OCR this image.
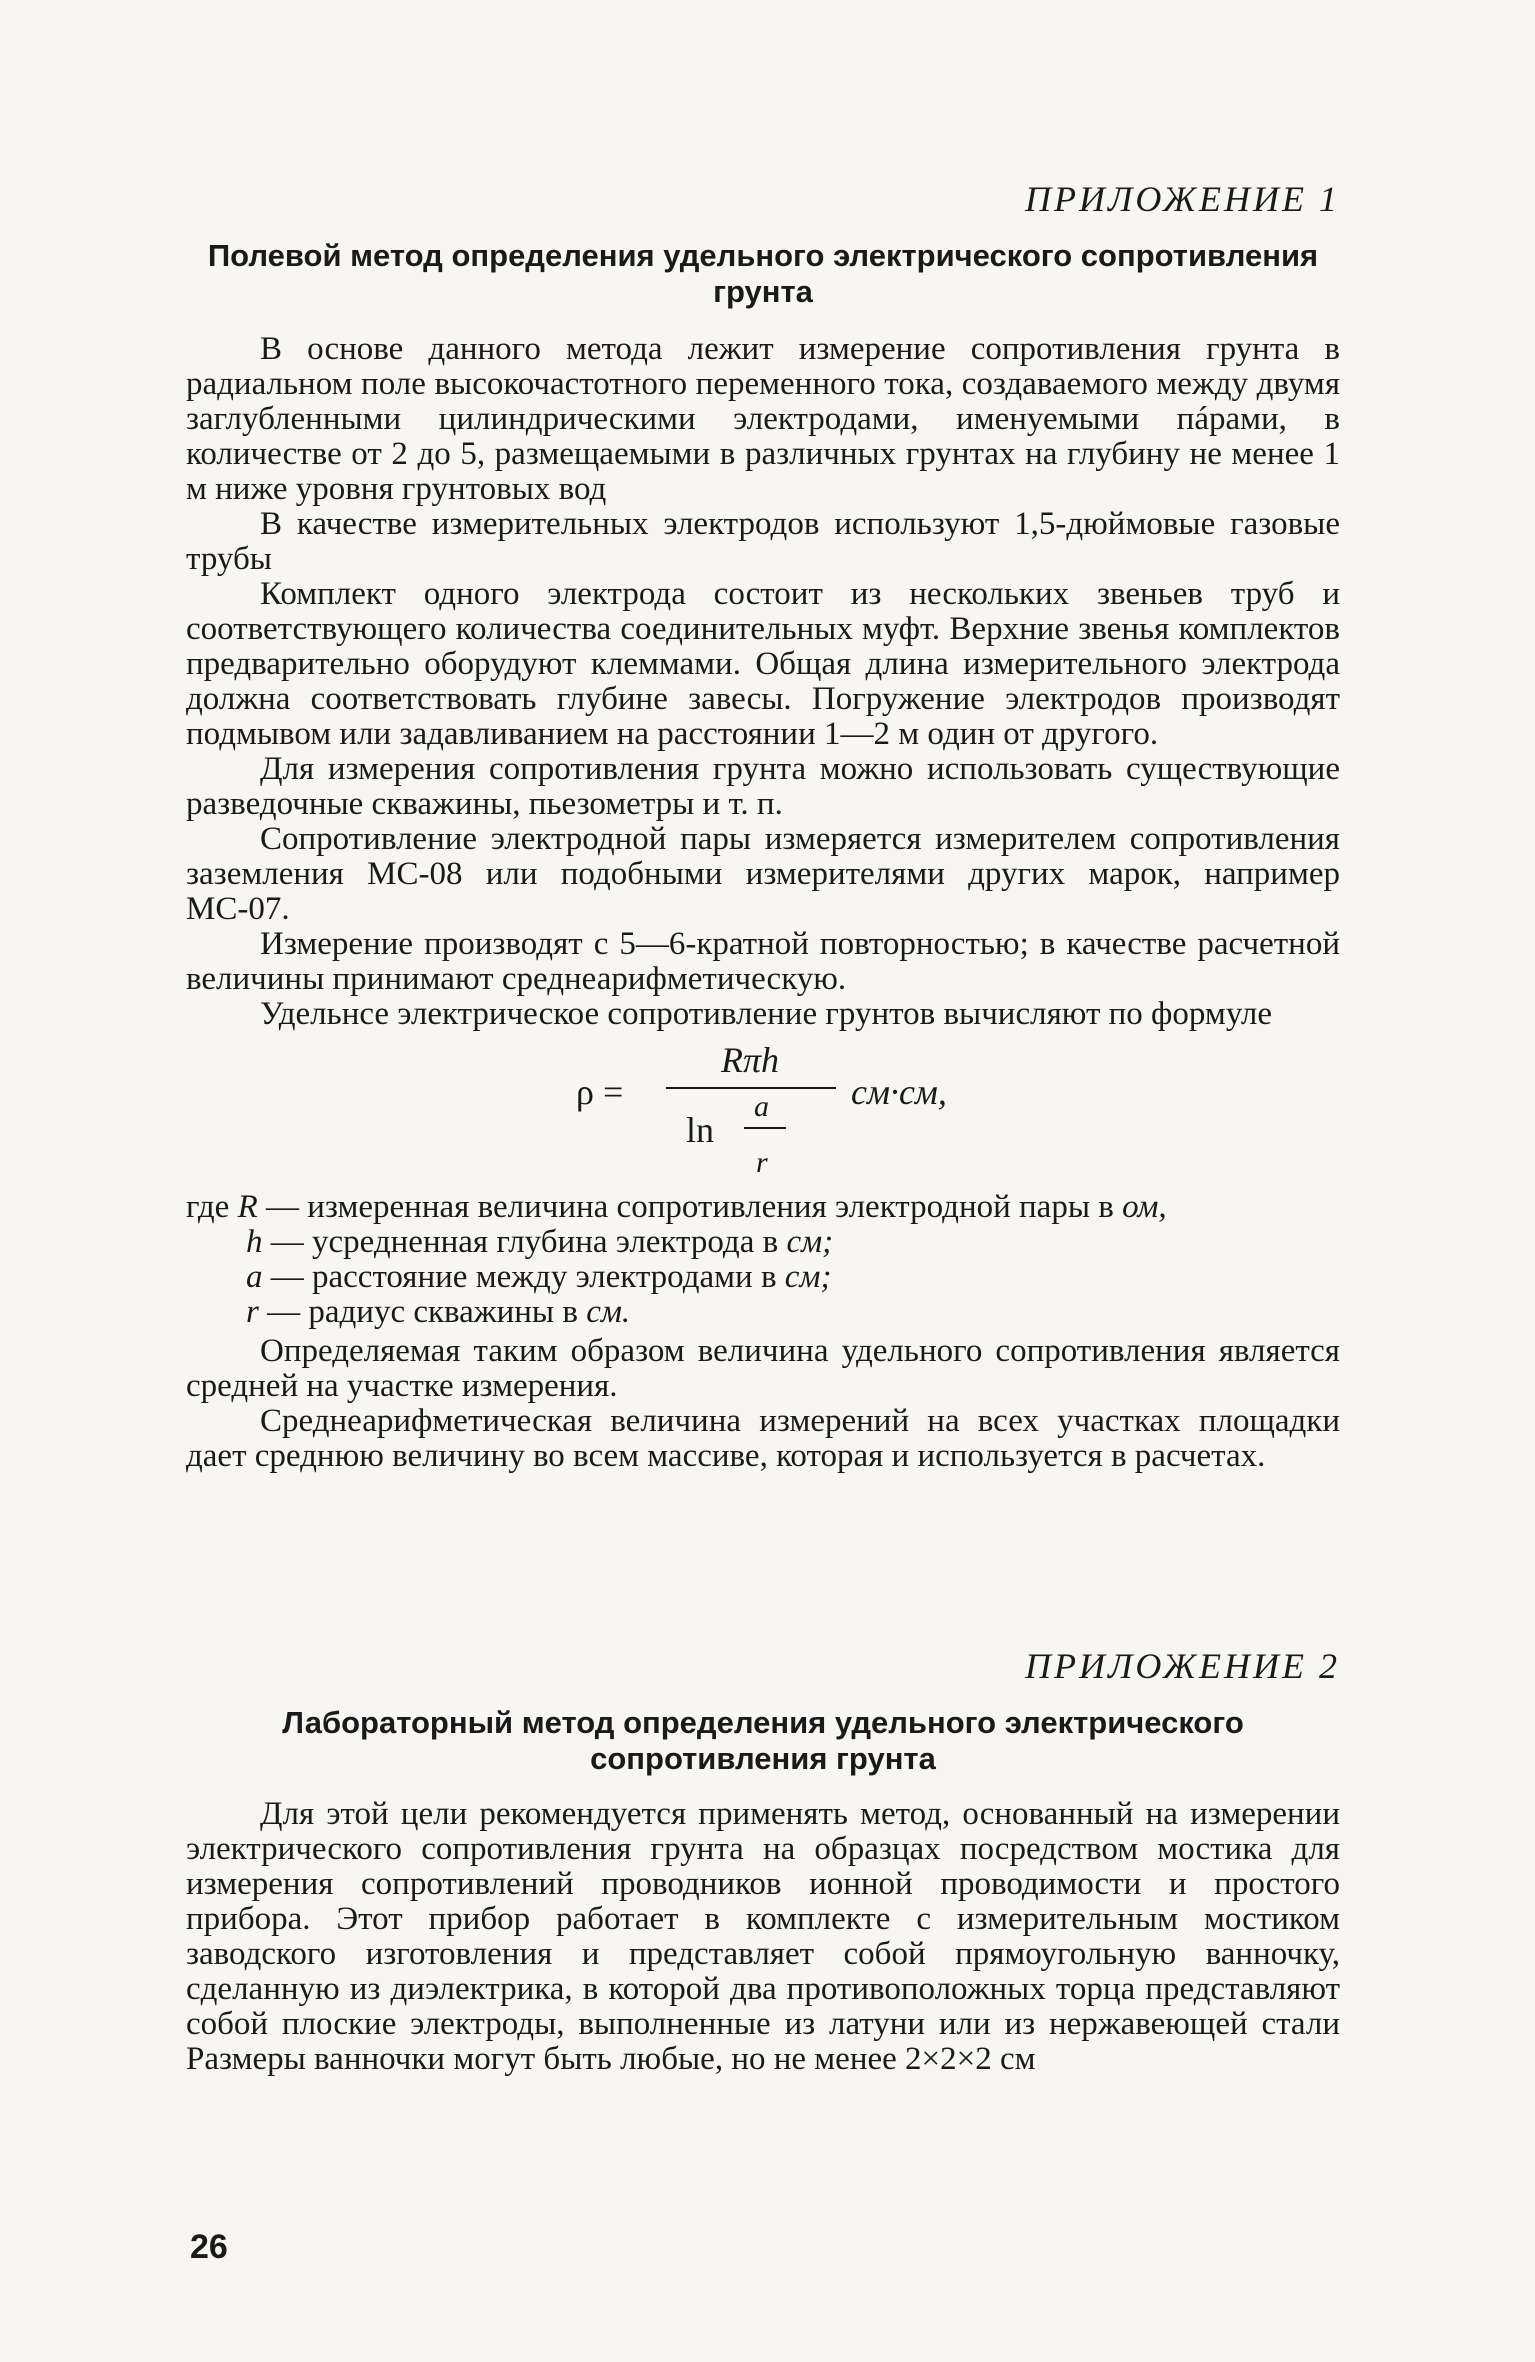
ПРИЛОЖЕНИЕ 1

Полевой метод определения удельного электрического сопротивления грунта

В основе данного метода лежит измерение сопротивления грунта в радиальном поле высокочастотного переменного тока, создаваемого между двумя заглубленными цилиндрическими электродами, именуемыми пáрами, в количестве от 2 до 5, размещаемыми в различных грунтах на глубину не менее 1 м ниже уровня грунтовых вод

В качестве измерительных электродов используют 1,5-дюймовые газовые трубы

Комплект одного электрода состоит из нескольких звеньев труб и соответствующего количества соединительных муфт. Верхние звенья комплектов предварительно оборудуют клеммами. Общая длина измерительного электрода должна соответствовать глубине завесы. Погружение электродов производят подмывом или задавливанием на расстоянии 1—2 м один от другого.

Для измерения сопротивления грунта можно использовать существующие разведочные скважины, пьезометры и т. п.

Сопротивление электродной пары измеряется измерителем сопротивления заземления МС-08 или подобными измерителями других марок, например МС-07.

Измерение производят с 5—6-кратной повторностью; в качестве расчетной величины принимают среднеарифметическую.

Удельнсе электрическое сопротивление грунтов вычисляют по формуле

ρ =
Rπh
ln
a
r
см·см,
где R — измеренная величина сопротивления электродной пары в ом,
h — усредненная глубина электрода в см;
a — расстояние между электродами в см;
r — радиус скважины в см.

Определяемая таким образом величина удельного сопротивления является средней на участке измерения.

Среднеарифметическая величина измерений на всех участках площадки дает среднюю величину во всем массиве, которая и используется в расчетах.

ПРИЛОЖЕНИЕ 2

Лабораторный метод определения удельного электрического сопротивления грунта

Для этой цели рекомендуется применять метод, основанный на измерении электрического сопротивления грунта на образцах посредством мостика для измерения сопротивлений проводников ионной проводимости и простого прибора. Этот прибор работает в комплекте с измерительным мостиком заводского изготовления и представляет собой прямоугольную ванночку, сделанную из диэлектрика, в которой два противоположных торца представляют собой плоские электроды, выполненные из латуни или из нержавеющей стали Размеры ванночки могут быть любые, но не менее 2×2×2 см

26
